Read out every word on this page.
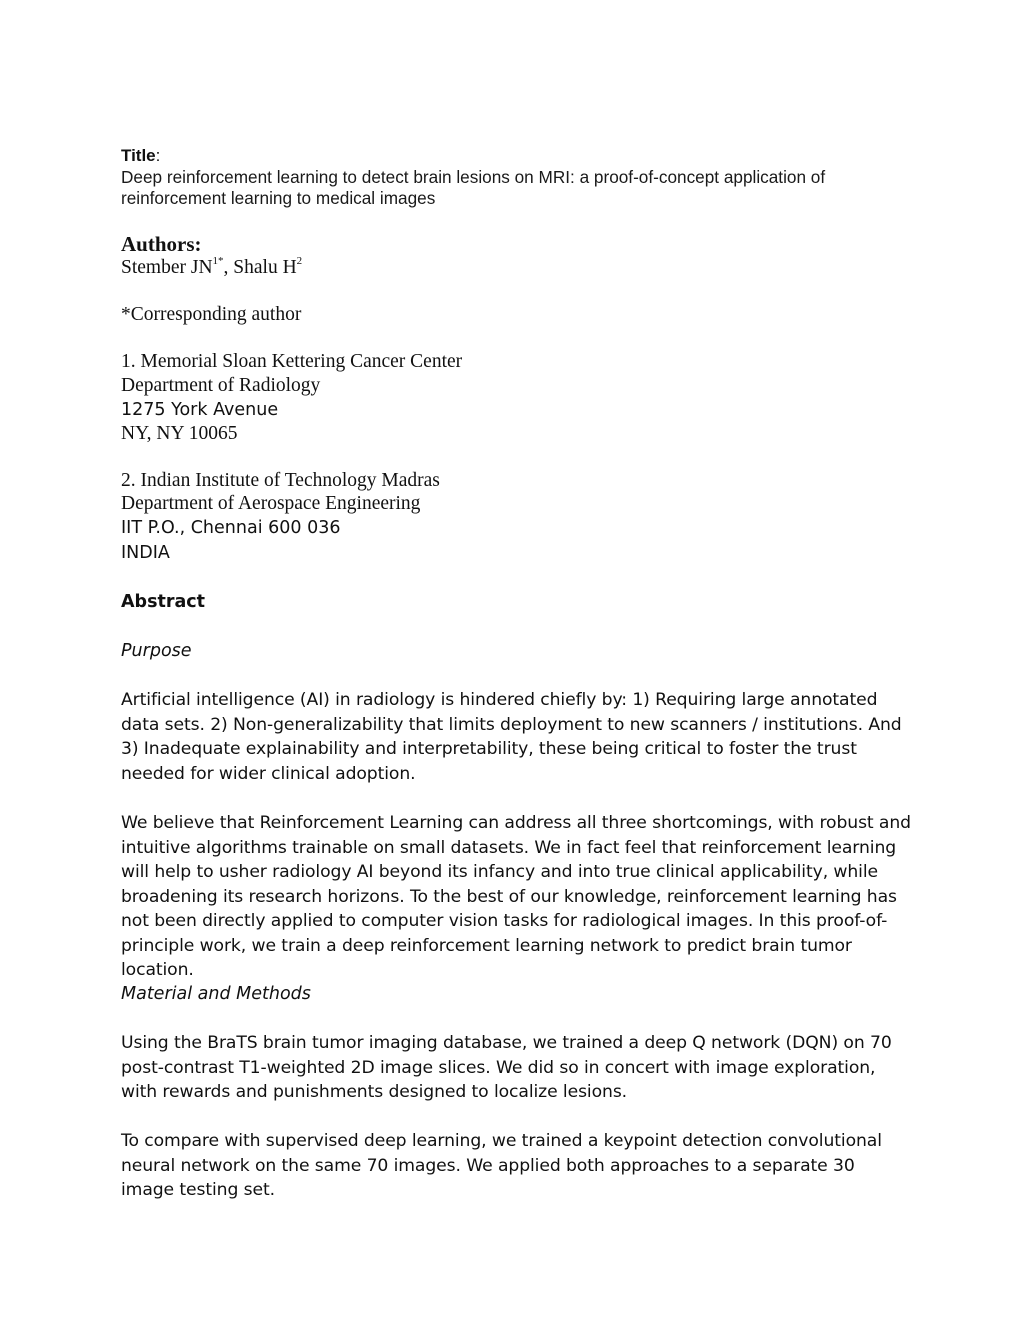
Title:

Deep reinforcement learning to detect brain lesions on MRI: a proof-of-concept application of reinforcement learning to medical images

Authors:

Stember $JN^{1*}$, Shalu $H^2$

*Corresponding author

1. Memorial Sloan Kettering Cancer Center

Department of Radiology

1275 York Avenue

NY, NY 10065

2. Indian Institute of Technology Madras

Department of Aerospace Engineering

IIT P.O., Chennai 600 036

INDIA

Abstract

Purpose

Artificial intelligence (AI) in radiology is hindered chiefly by: 1) Requiring large annotated data sets. 2) Non-generalizability that limits deployment to new scanners / institutions. And 3) Inadequate explainability and interpretability, these being critical to foster the trust needed for wider clinical adoption.

We believe that Reinforcement Learning can address all three shortcomings, with robust and intuitive algorithms trainable on small datasets. We in fact feel that reinforcement learning will help to usher radiology AI beyond its infancy and into true clinical applicability, while broadening its research horizons. To the best of our knowledge, reinforcement learning has not been directly applied to computer vision tasks for radiological images. In this proof-of-principle work, we train a deep reinforcement learning network to predict brain tumor location.

Material and Methods

Using the BraTS brain tumor imaging database, we trained a deep Q network (DQN) on 70 post-contrast T1-weighted 2D image slices. We did so in concert with image exploration, with rewards and punishments designed to localize lesions.

To compare with supervised deep learning, we trained a keypoint detection convolutional neural network on the same 70 images. We applied both approaches to a separate 30 image testing set.
